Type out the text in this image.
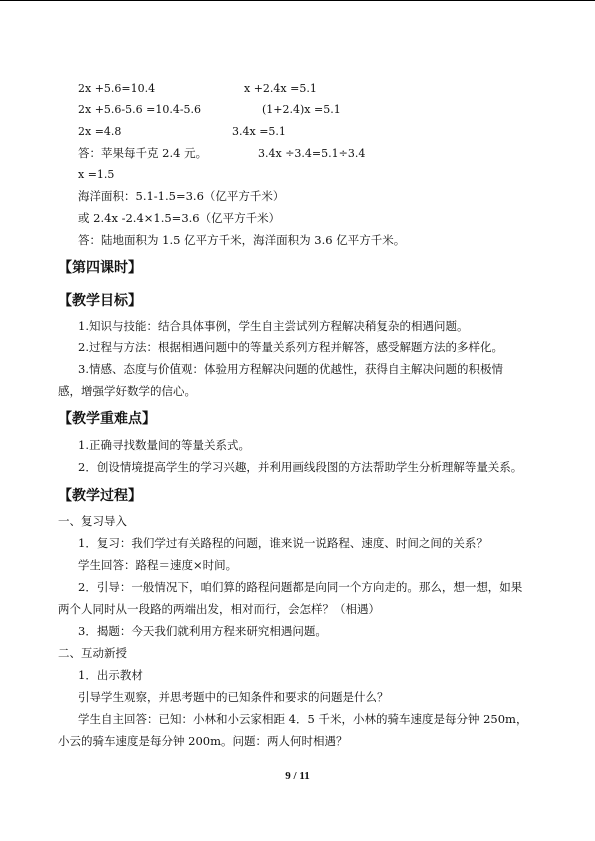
2x +5.6=10.4	x +2.4x =5.1
2x +5.6-5.6 =10.4-5.6	(1+2.4)x =5.1
2x =4.8	3.4x =5.1
答：苹果每千克 2.4 元。	3.4x ÷3.4=5.1÷3.4
x =1.5
海洋面积：5.1-1.5=3.6（亿平方千米）
或 2.4x -2.4×1.5=3.6（亿平方千米）
答：陆地面积为 1.5 亿平方千米，海洋面积为 3.6 亿平方千米。
【第四课时】
【教学目标】
1.知识与技能：结合具体事例，学生自主尝试列方程解决稍复杂的相遇问题。
2.过程与方法：根据相遇问题中的等量关系列方程并解答，感受解题方法的多样化。
3.情感、态度与价值观：体验用方程解决问题的优越性，获得自主解决问题的积极情
感，增强学好数学的信心。
【教学重难点】
1.正确寻找数量间的等量关系式。
2．创设情境提高学生的学习兴趣，并利用画线段图的方法帮助学生分析理解等量关系。
【教学过程】
一、复习导入
1．复习：我们学过有关路程的问题，谁来说一说路程、速度、时间之间的关系？
学生回答：路程＝速度×时间。
2．引导：一般情况下，咱们算的路程问题都是向同一个方向走的。那么，想一想，如果
两个人同时从一段路的两端出发，相对而行，会怎样？（相遇）
3．揭题：今天我们就利用方程来研究相遇问题。
二、互动新授
1．出示教材
引导学生观察，并思考题中的已知条件和要求的问题是什么？
学生自主回答：已知：小林和小云家相距 4．5 千米，小林的骑车速度是每分钟 250m，
小云的骑车速度是每分钟 200m。问题：两人何时相遇？
9 / 11
